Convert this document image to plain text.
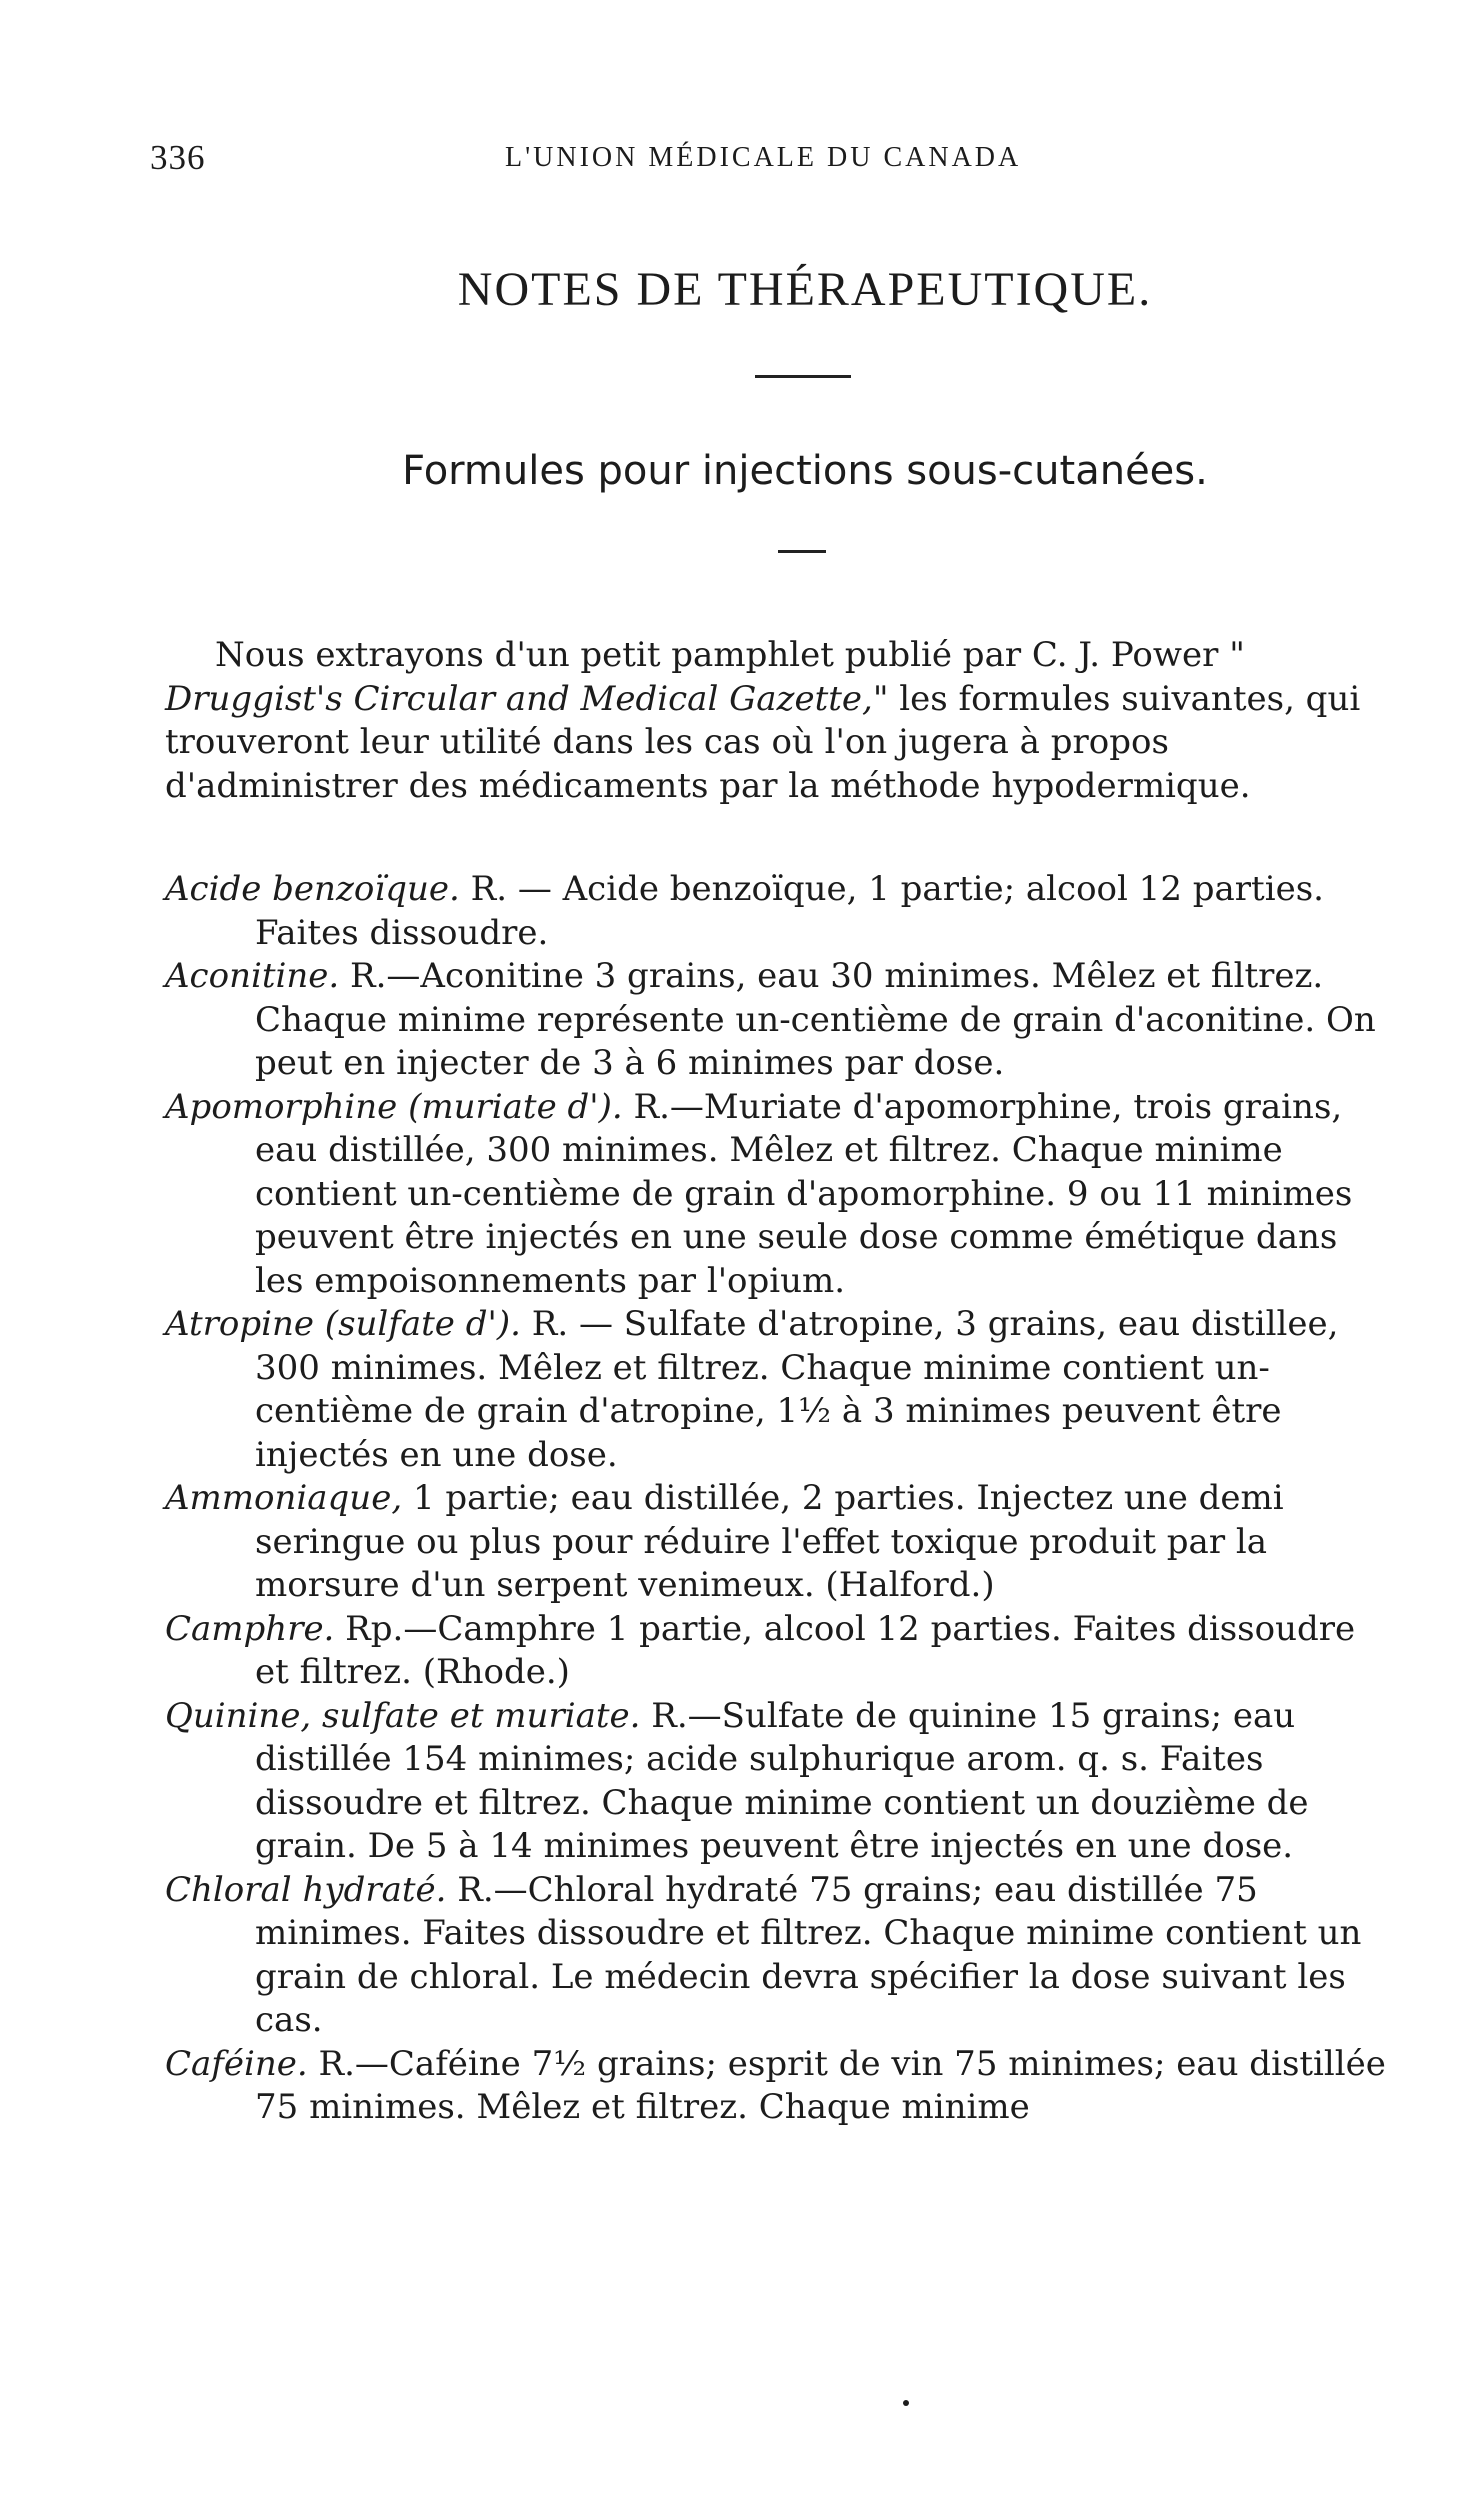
336	L'UNION MÉDICALE DU CANADA
NOTES DE THÉRAPEUTIQUE.
Formules pour injections sous-cutanées.

Nous extrayons d'un petit pamphlet publié par C. J. Power " Druggist's Circular and Medical Gazette," les formules suivantes, qui trouveront leur utilité dans les cas où l'on jugera à propos d'administrer des médicaments par la méthode hypodermique.

Acide benzoïque. R. — Acide benzoïque, 1 partie; alcool 12 parties. Faites dissoudre.

Aconitine. R.—Aconitine 3 grains, eau 30 minimes. Mêlez et filtrez. Chaque minime représente un-centième de grain d'aconitine. On peut en injecter de 3 à 6 minimes par dose.

Apomorphine (muriate d'). R.—Muriate d'apomorphine, trois grains, eau distillée, 300 minimes. Mêlez et filtrez. Chaque minime contient un-centième de grain d'apomorphine. 9 ou 11 minimes peuvent être injectés en une seule dose comme émétique dans les empoisonnements par l'opium.

Atropine (sulfate d'). R. — Sulfate d'atropine, 3 grains, eau distillee, 300 minimes. Mêlez et filtrez. Chaque minime contient un-centième de grain d'atropine, 1½ à 3 minimes peuvent être injectés en une dose.

Ammoniaque, 1 partie; eau distillée, 2 parties. Injectez une demi seringue ou plus pour réduire l'effet toxique produit par la morsure d'un serpent venimeux. (Halford.)

Camphre. Rp.—Camphre 1 partie, alcool 12 parties. Faites dissoudre et filtrez. (Rhode.)

Quinine, sulfate et muriate. R.—Sulfate de quinine 15 grains; eau distillée 154 minimes; acide sulphurique arom. q. s. Faites dissoudre et filtrez. Chaque minime contient un douzième de grain. De 5 à 14 minimes peuvent être injectés en une dose.

Chloral hydraté. R.—Chloral hydraté 75 grains; eau distillée 75 minimes. Faites dissoudre et filtrez. Chaque minime contient un grain de chloral. Le médecin devra spécifier la dose suivant les cas.

Caféine. R.—Caféine 7½ grains; esprit de vin 75 minimes; eau distillée 75 minimes. Mêlez et filtrez. Chaque minime
